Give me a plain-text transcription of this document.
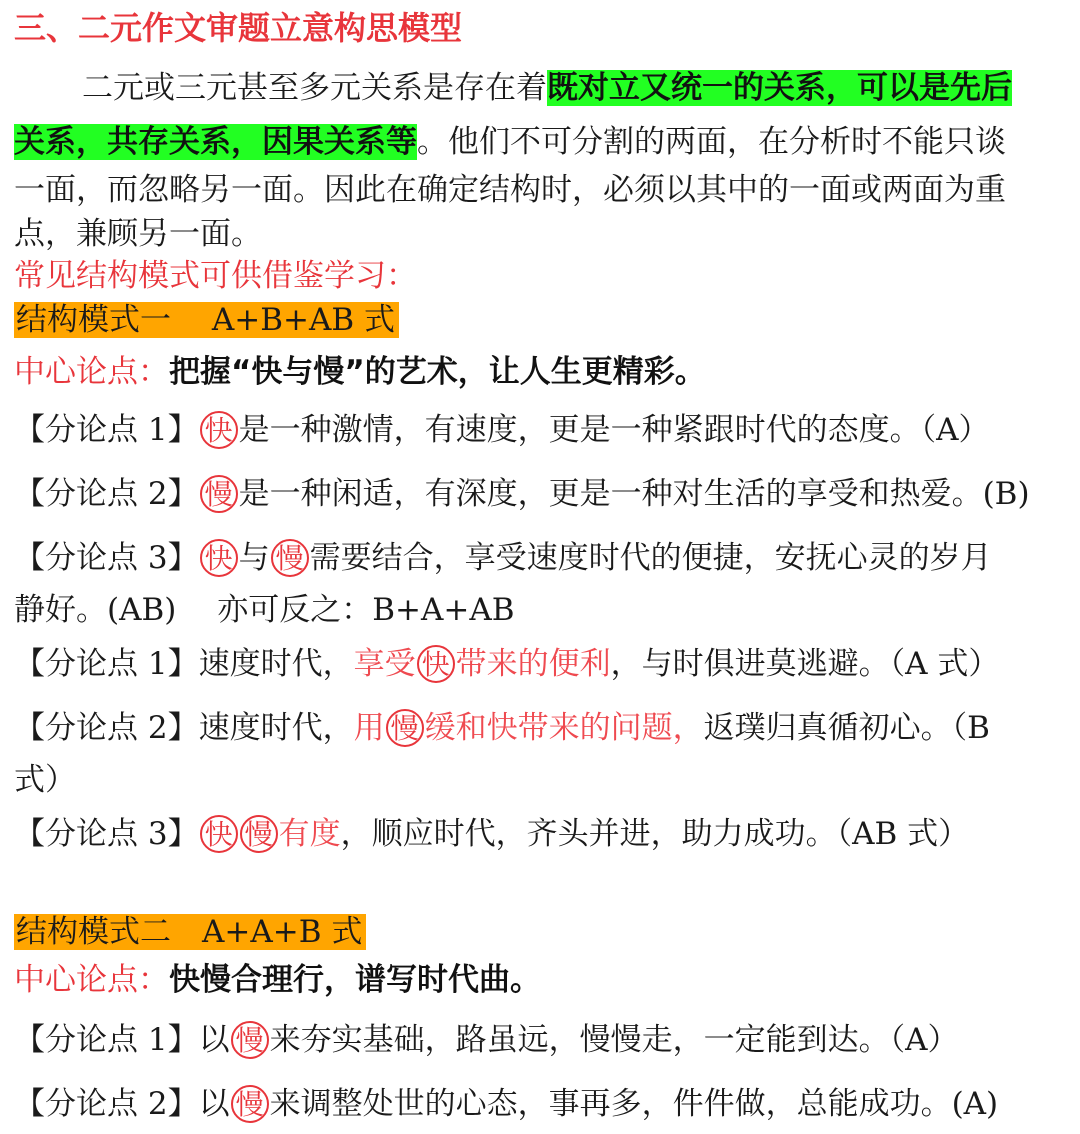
三、二元作文审题立意构思模型
二元或三元甚至多元关系是存在着既对立又统一的关系，可以是先后
关系，共存关系，因果关系等。他们不可分割的两面，在分析时不能只谈
一面，而忽略另一面。因此在确定结构时，必须以其中的一面或两面为重
点，兼顾另一面。
常见结构模式可供借鉴学习：
结构模式一　 A+B+AB 式
中心论点：把握“快与慢”的艺术，让人生更精彩。
【分论点 1】 快 是一种激情，有速度，更是一种紧跟时代的态度。（A）
【分论点 2】 慢 是一种闲适，有深度，更是一种对生活的享受和热爱。(B)
【分论点 3】 快 与 慢 需要结合，享受速度时代的便捷，安抚心灵的岁月
静好。(AB)　 亦可反之：B+A+AB
【分论点 1】速度时代，享受 快 带来的便利，与时俱进莫逃避。（A 式）
【分论点 2】速度时代，用 慢 缓和快带来的问题，返璞归真循初心。（B
式）
【分论点 3】 快 慢 有度，顺应时代，齐头并进，助力成功。（AB 式）
结构模式二　A+A+B 式
中心论点：快慢合理行，谱写时代曲。
【分论点 1】以 慢 来夯实基础，路虽远，慢慢走，一定能到达。（A）
【分论点 2】以 慢 来调整处世的心态，事再多，件件做，总能成功。(A)
